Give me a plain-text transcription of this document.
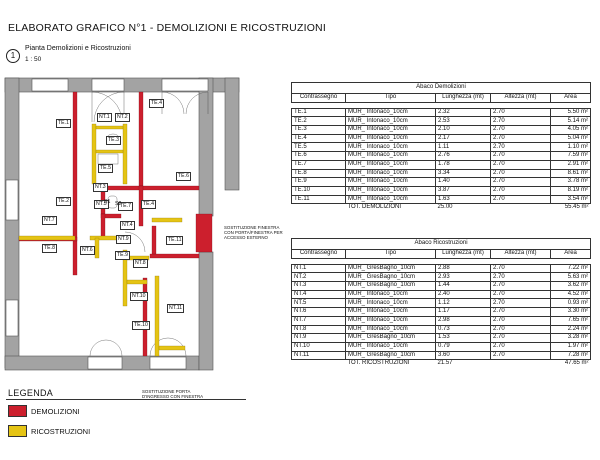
ELABORATO GRAFICO N°1 - DEMOLIZIONI E RICOSTRUZIONI
1
Pianta Demolizioni e Ricostruzioni
1 : 50
TE.1
TE.2
TE.3
TE.4
TE.4
TE.5
TE.6
TE.7
TE.8
TE.9
TE.10
TE.11
NT.1	NT.2
NT.3
NT.4
NT.5
NT.6
NT.7
NT.8
NT.9
NT.10
NT.11
S2
S1
SOSTITUZIONE FINESTRA
CON PORTA/FINESTRA PER
ACCESSO ESTERNO
SOSTITUZIONE PORTA
D'INGRESSO CON FINESTRA
LEGENDA
DEMOLIZIONI
RICOSTRUZIONI
Abaco Demolizioni				
Contrassegno	Tipo	Lunghezza (mt)	Altezza (mt)	Area

TE.1	MUR_ Intonaco_10cm	2.32	2.70	5.50 m²
TE.2	MUR_ Intonaco_10cm	2.53	2.70	5.14 m²
TE.3	MUR_ Intonaco_10cm	2.10	2.70	4.05 m²
TE.4	MUR_ Intonaco_10cm	2.17	2.70	5.04 m²
TE.5	MUR_ Intonaco_10cm	1.11	2.70	1.10 m²
TE.6	MUR_ Intonaco_10cm	2.76	2.70	7.59 m²
TE.7	MUR_ Intonaco_10cm	1.78	2.70	2.91 m²
TE.8	MUR_ Intonaco_10cm	3.34	2.70	8.61 m²
TE.9	MUR_ Intonaco_10cm	1.40	2.70	3.78 m²
TE.10	MUR_ Intonaco_10cm	3.87	2.70	8.19 m²
TE.11	MUR_ Intonaco_10cm	1.63	2.70	3.54 m²
	TOT. DEMOLIZIONI	25.00		55.45 m²
Abaco Ricostruzioni				
Contrassegno	Tipo	Lunghezza (mt)	Altezza (mt)	Area

NT.1	MUR_ GresBagno_10cm	2.88	2.70	7.22 m²
NT.2	MUR_ GresBagno_10cm	2.93	2.70	5.63 m²
NT.3	MUR_ GresBagno_10cm	1.44	2.70	3.62 m²
NT.4	MUR_ Intonaco_10cm	2.40	2.70	4.52 m²
NT.5	MUR_ Intonaco_10cm	1.12	2.70	0.93 m²
NT.6	MUR_ Intonaco_10cm	1.17	2.70	3.30 m²
NT.7	MUR_ Intonaco_10cm	2.98	2.70	7.65 m²
NT.8	MUR_ Intonaco_10cm	0.73	2.70	2.24 m²
NT.9	MUR_ GresBagno_10cm	1.53	2.70	3.28 m²
NT.10	MUR_ Intonaco_10cm	0.79	2.70	1.97 m²
NT.11	MUR_ GresBagno_10cm	3.60	2.70	7.28 m²
	TOT. RICOSTRUZIONI	21.57		47.65 m²
